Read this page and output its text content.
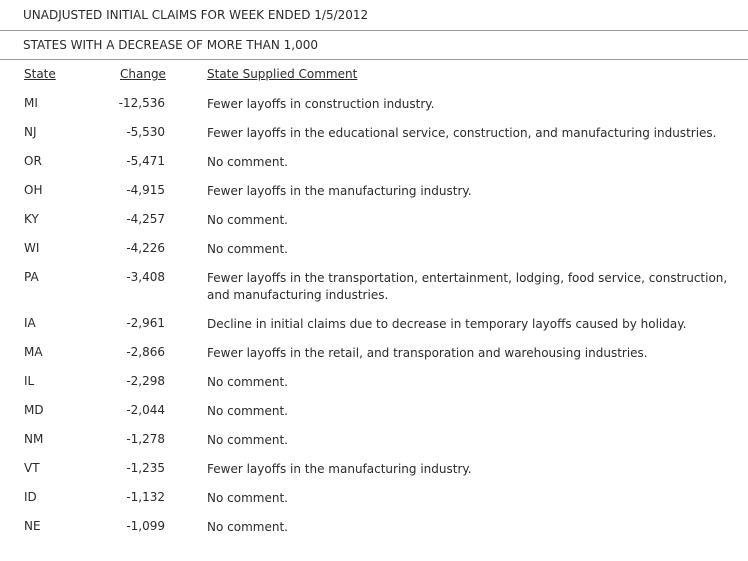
UNADJUSTED INITIAL CLAIMS FOR WEEK ENDED 1/5/2012
STATES WITH A DECREASE OF MORE THAN 1,000
State	Change	State Supplied Comment
MI	-12,536	Fewer layoffs in construction industry.
NJ	-5,530	Fewer layoffs in the educational service, construction, and manufacturing industries.
OR	-5,471	No comment.
OH	-4,915	Fewer layoffs in the manufacturing industry.
KY	-4,257	No comment.
WI	-4,226	No comment.
PA	-3,408	Fewer layoffs in the transportation, entertainment, lodging, food service, construction, and manufacturing industries.
IA	-2,961	Decline in initial claims due to decrease in temporary layoffs caused by holiday.
MA	-2,866	Fewer layoffs in the retail, and transporation and warehousing industries.
IL	-2,298	No comment.
MD	-2,044	No comment.
NM	-1,278	No comment.
VT	-1,235	Fewer layoffs in the manufacturing industry.
ID	-1,132	No comment.
NE	-1,099	No comment.
